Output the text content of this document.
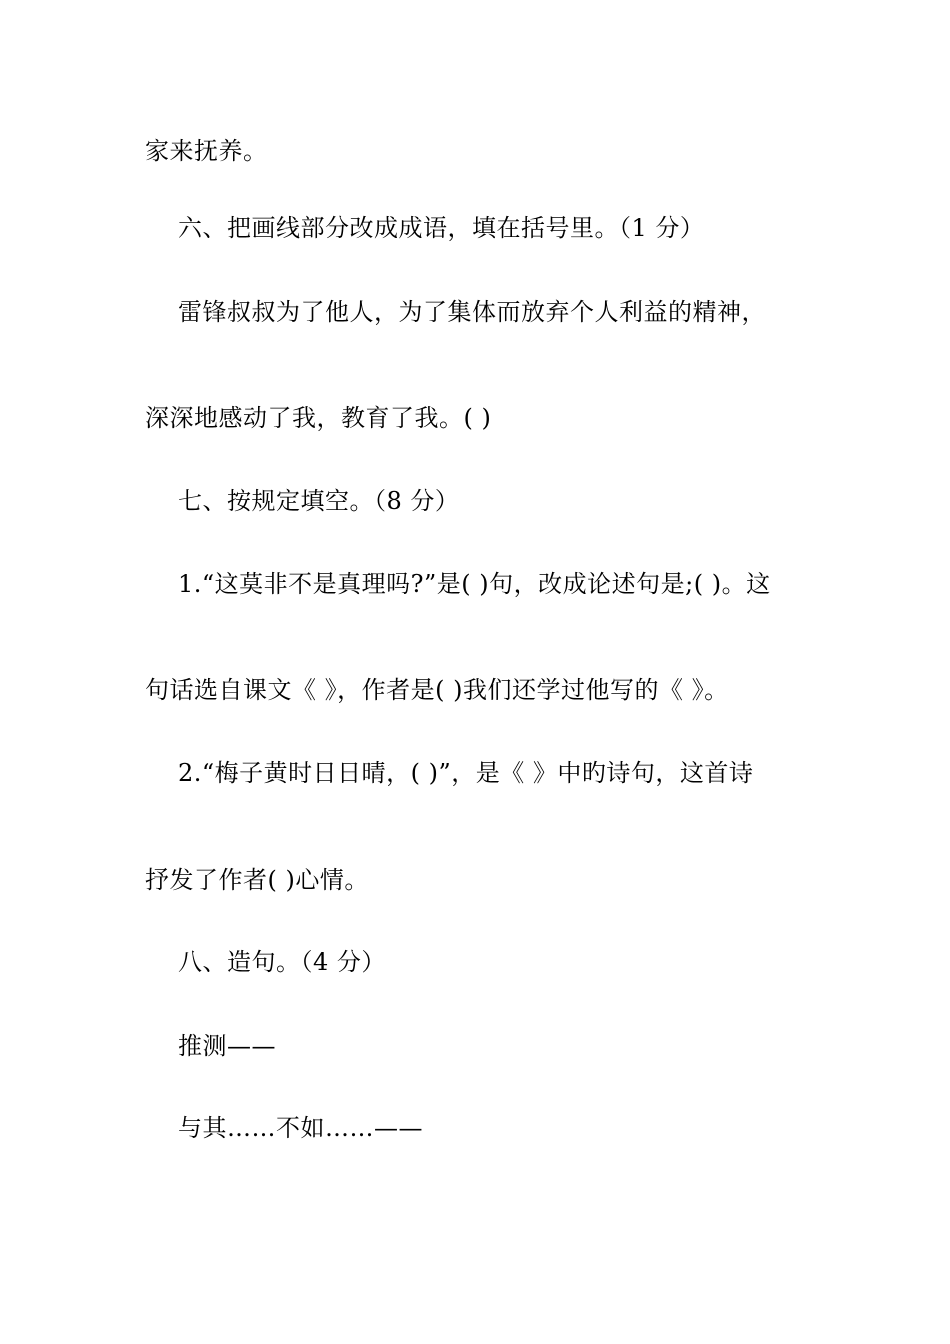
家来抚养。
六、把画线部分改成成语，填在括号里。（1 分）
雷锋叔叔为了他人，为了集体而放弃个人利益的精神，
深深地感动了我，教育了我。( )
七、按规定填空。（8 分）
1.“这莫非不是真理吗?”是( )句，改成论述句是;( )。这
句话选自课文《 》，作者是( )我们还学过他写的《 》。
2.“梅子黄时日日晴，( )”，是《 》中旳诗句，这首诗
抒发了作者( )心情。
八、造句。（4 分）
推测——
与其……不如……——
